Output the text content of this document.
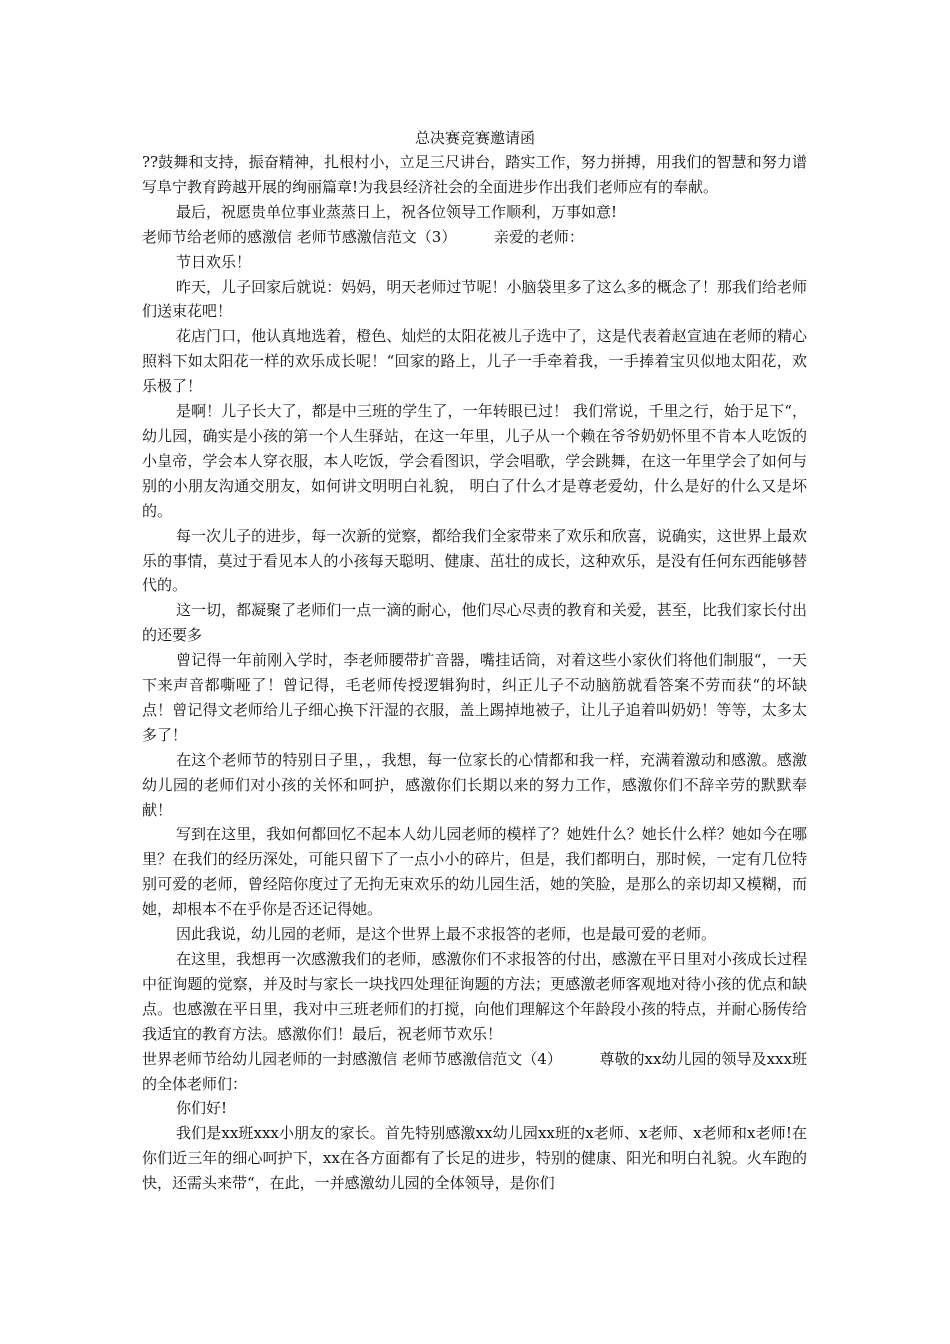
总决赛竞赛邀请函

??鼓舞和支持，振奋精神，扎根村小，立足三尺讲台，踏实工作，努力拼搏，用我们的智慧和努力谱写阜宁教育跨越开展的绚丽篇章!为我县经济社会的全面进步作出我们老师应有的奉献。

最后，祝愿贵单位事业蒸蒸日上，祝各位领导工作顺利，万事如意!

老师节给老师的感激信 老师节感激信范文（3）　　　亲爱的老师：

节日欢乐！

昨天，儿子回家后就说：妈妈，明天老师过节呢！小脑袋里多了这么多的概念了！那我们给老师们送束花吧！

花店门口，他认真地选着，橙色、灿烂的太阳花被儿子选中了，这是代表着赵宣迪在老师的精心照料下如太阳花一样的欢乐成长呢！“回家的路上，儿子一手牵着我，一手捧着宝贝似地太阳花，欢乐极了！

是啊！儿子长大了，都是中三班的学生了，一年转眼已过！ 我们常说，千里之行，始于足下“，幼儿园，确实是小孩的第一个人生驿站，在这一年里，儿子从一个赖在爷爷奶奶怀里不肯本人吃饭的小皇帝，学会本人穿衣服，本人吃饭，学会看图识，学会唱歌，学会跳舞，在这一年里学会了如何与别的小朋友沟通交朋友，如何讲文明明白礼貌， 明白了什么才是尊老爱幼，什么是好的什么又是坏的。

每一次儿子的进步，每一次新的觉察，都给我们全家带来了欢乐和欣喜，说确实，这世界上最欢乐的事情，莫过于看见本人的小孩每天聪明、健康、茁壮的成长，这种欢乐，是没有任何东西能够替代的。

这一切，都凝聚了老师们一点一滴的耐心，他们尽心尽责的教育和关爱，甚至，比我们家长付出的还要多

曾记得一年前刚入学时，李老师腰带扩音器，嘴挂话筒，对着这些小家伙们将他们制服“，一天下来声音都嘶哑了！曾记得，毛老师传授逻辑狗时，纠正儿子不动脑筋就看答案不劳而获“的坏缺点！曾记得文老师给儿子细心换下汗湿的衣服，盖上踢掉地被子，让儿子追着叫奶奶！等等，太多太多了！

在这个老师节的特别日子里，，我想，每一位家长的心情都和我一样，充满着激动和感激。感激幼儿园的老师们对小孩的关怀和呵护，感激你们长期以来的努力工作，感激你们不辞辛劳的默默奉献！

写到在这里，我如何都回忆不起本人幼儿园老师的模样了？她姓什么？她长什么样？她如今在哪里？在我们的经历深处，可能只留下了一点小小的碎片，但是，我们都明白，那时候，一定有几位特别可爱的老师，曾经陪你度过了无拘无束欢乐的幼儿园生活，她的笑脸，是那么的亲切却又模糊，而她，却根本不在乎你是否还记得她。

因此我说，幼儿园的老师，是这个世界上最不求报答的老师，也是最可爱的老师。

在这里，我想再一次感激我们的老师，感激你们不求报答的付出，感激在平日里对小孩成长过程中征询题的觉察，并及时与家长一块找四处理征询题的方法；更感激老师客观地对待小孩的优点和缺点。也感激在平日里，我对中三班老师们的打搅，向他们理解这个年龄段小孩的特点，并耐心肠传给我适宜的教育方法。感激你们！最后，祝老师节欢乐！

世界老师节给幼儿园老师的一封感激信 老师节感激信范文（4）　　　尊敬的xx幼儿园的领导及xxx班的全体老师们：

你们好!

我们是xx班xxx小朋友的家长。首先特别感激xx幼儿园xx班的x老师、x老师、x老师和x老师!在你们近三年的细心呵护下，xx在各方面都有了长足的进步，特别的健康、阳光和明白礼貌。火车跑的快，还需头来带“，在此，一并感激幼儿园的全体领导，是你们
